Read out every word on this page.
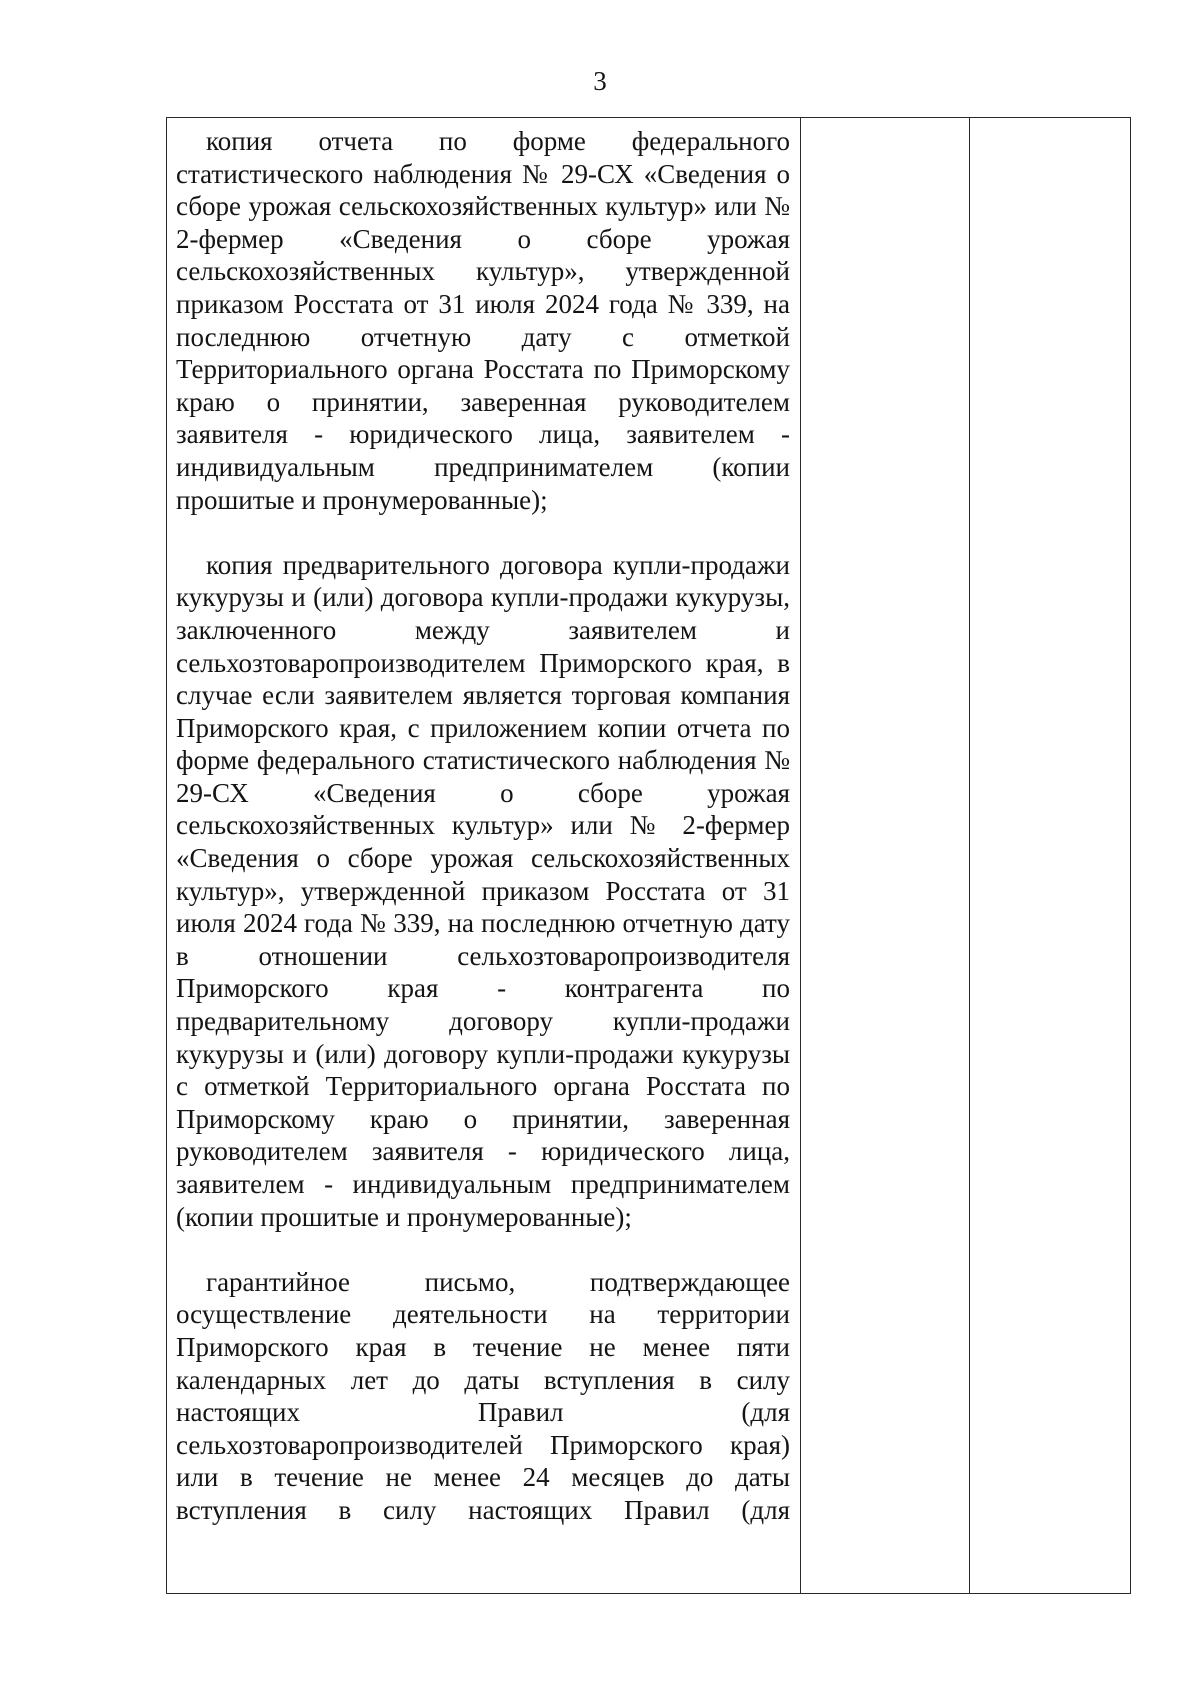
3

копия отчета по форме федерального статистического наблюдения № 29-СХ «Сведения о сборе урожая сельскохозяйственных культур» или № 2-фермер «Сведения о сборе урожая сельскохозяйственных культур», утвержденной приказом Росстата от 31 июля 2024 года № 339, на последнюю отчетную дату с отметкой Территориального органа Росстата по Приморскому краю о принятии, заверенная руководителем заявителя - юридического лица, заявителем - индивидуальным предпринимателем (копии прошитые и пронумерованные);

копия предварительного договора купли-продажи кукурузы и (или) договора купли-продажи кукурузы, заключенного между заявителем и сельхозтоваропроизводителем Приморского края, в случае если заявителем является торговая компания Приморского края, с приложением копии отчета по форме федерального статистического наблюдения № 29-СХ «Сведения о сборе урожая сельскохозяйственных культур» или № 2-фермер «Сведения о сборе урожая сельскохозяйственных культур», утвержденной приказом Росстата от 31 июля 2024 года № 339, на последнюю отчетную дату в отношении сельхозтоваропроизводителя Приморского края - контрагента по предварительному договору купли-продажи кукурузы и (или) договору купли-продажи кукурузы с отметкой Территориального органа Росстата по Приморскому краю о принятии, заверенная руководителем заявителя - юридического лица, заявителем - индивидуальным предпринимателем (копии прошитые и пронумерованные);

гарантийное письмо, подтверждающее осуществление деятельности на территории Приморского края в течение не менее пяти календарных лет до даты вступления в силу настоящих Правил (для сельхозтоваропроизводителей Приморского края) или в течение не менее 24 месяцев до даты вступления в силу настоящих Правил (для
